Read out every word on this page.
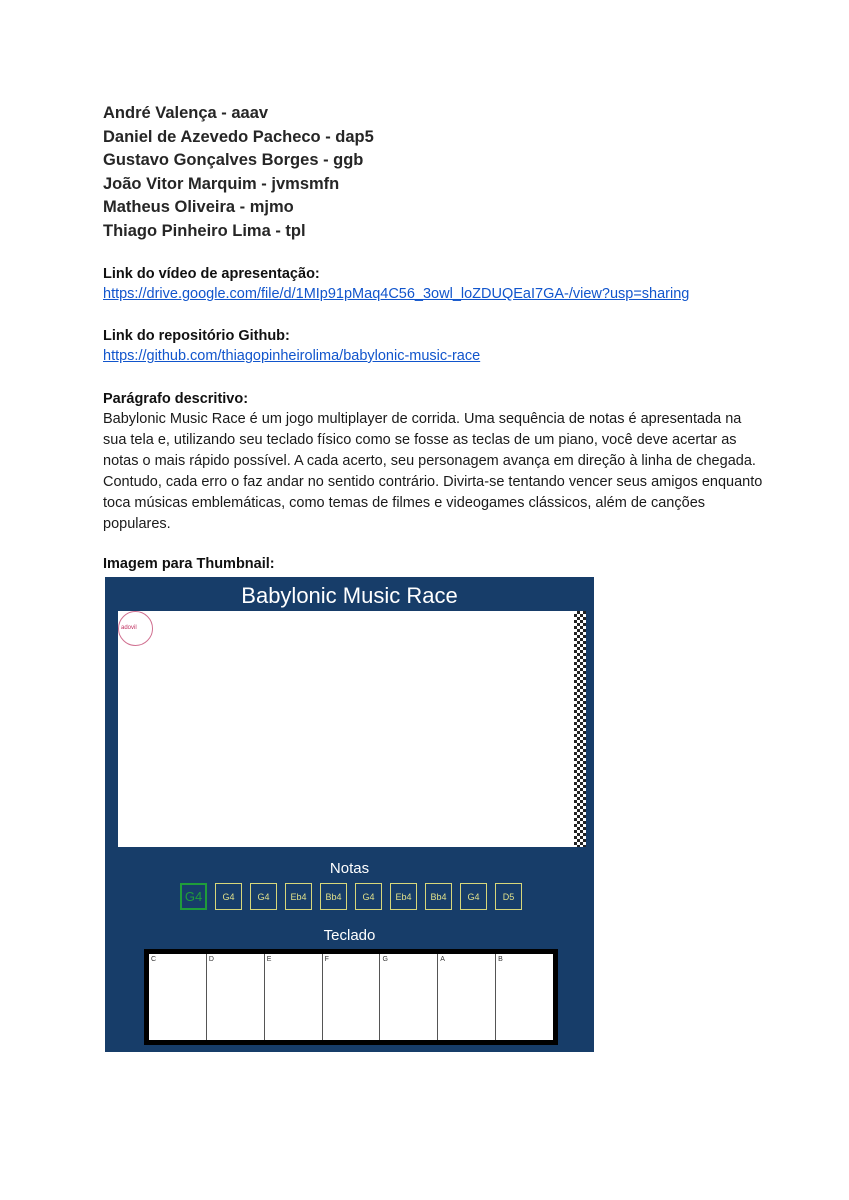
André Valença - aaav
Daniel de Azevedo Pacheco - dap5
Gustavo Gonçalves Borges - ggb
João Vitor Marquim - jvmsmfn
Matheus Oliveira - mjmo
Thiago Pinheiro Lima - tpl
Link do vídeo de apresentação:
https://drive.google.com/file/d/1MIp91pMaq4C56_3owl_loZDUQEaI7GA-/view?usp=sharing
Link do repositório Github:
https://github.com/thiagopinheirolima/babylonic-music-race
Parágrafo descritivo:

Babylonic Music Race é um jogo multiplayer de corrida. Uma sequência de notas é apresentada na sua tela e, utilizando seu teclado físico como se fosse as teclas de um piano, você deve acertar as notas o mais rápido possível. A cada acerto, seu personagem avança em direção à linha de chegada. Contudo, cada erro o faz andar no sentido contrário. Divirta-se tentando vencer seus amigos enquanto toca músicas emblemáticas, como temas de filmes e videogames clássicos, além de canções populares.

Imagem para Thumbnail:
Babylonic Music Race
adovil
Notas
G4	G4	G4	Eb4	Bb4	G4	Eb4	Bb4	G4	D5
Teclado
C	D	E	F	G	A	B
